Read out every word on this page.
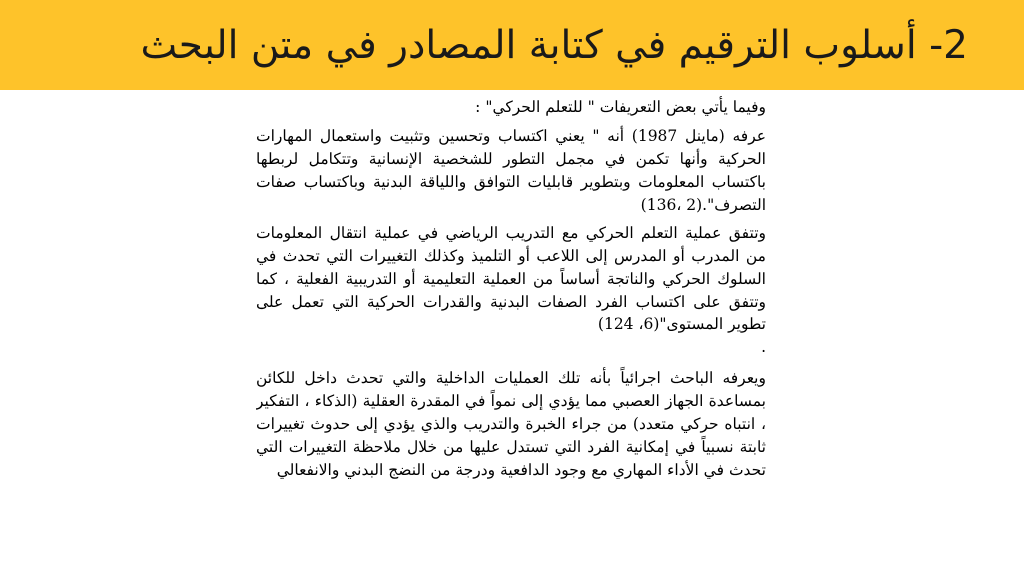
2- أسلوب الترقيم في كتابة المصادر في متن البحث

وفيما يأتي بعض التعريفات " للتعلم الحركي" :

عرفه (ماينل 1987) أنه " يعني اكتساب وتحسين وتثبيت واستعمال المهارات الحركية وأنها تكمن في مجمل التطور للشخصية الإنسانية وتتكامل لربطها باكتساب المعلومات وبتطوير قابليات التوافق واللياقة البدنية وباكتساب صفات التصرف".(2 ،136)

وتتفق عملية التعلم الحركي مع التدريب الرياضي في عملية انتقال المعلومات من المدرب أو المدرس إلى اللاعب أو التلميذ وكذلك التغييرات التي تحدث في السلوك الحركي والناتجة أساساً من العملية التعليمية أو التدريبية الفعلية ، كما وتتفق على اكتساب الفرد الصفات البدنية والقدرات الحركية التي تعمل على تطوير المستوى"(6، 124)

.

ويعرفه الباحث اجرائياً بأنه تلك العمليات الداخلية والتي تحدث داخل للكائن بمساعدة الجهاز العصبي مما يؤدي إلى نمواً في المقدرة العقلية (الذكاء ، التفكير ، انتباه حركي متعدد) من جراء الخبرة والتدريب والذي يؤدي إلى حدوث تغييرات ثابتة نسبياً في إمكانية الفرد التي تستدل عليها من خلال ملاحظة التغييرات التي تحدث في الأداء المهاري مع وجود الدافعية ودرجة من النضج البدني والانفعالي
